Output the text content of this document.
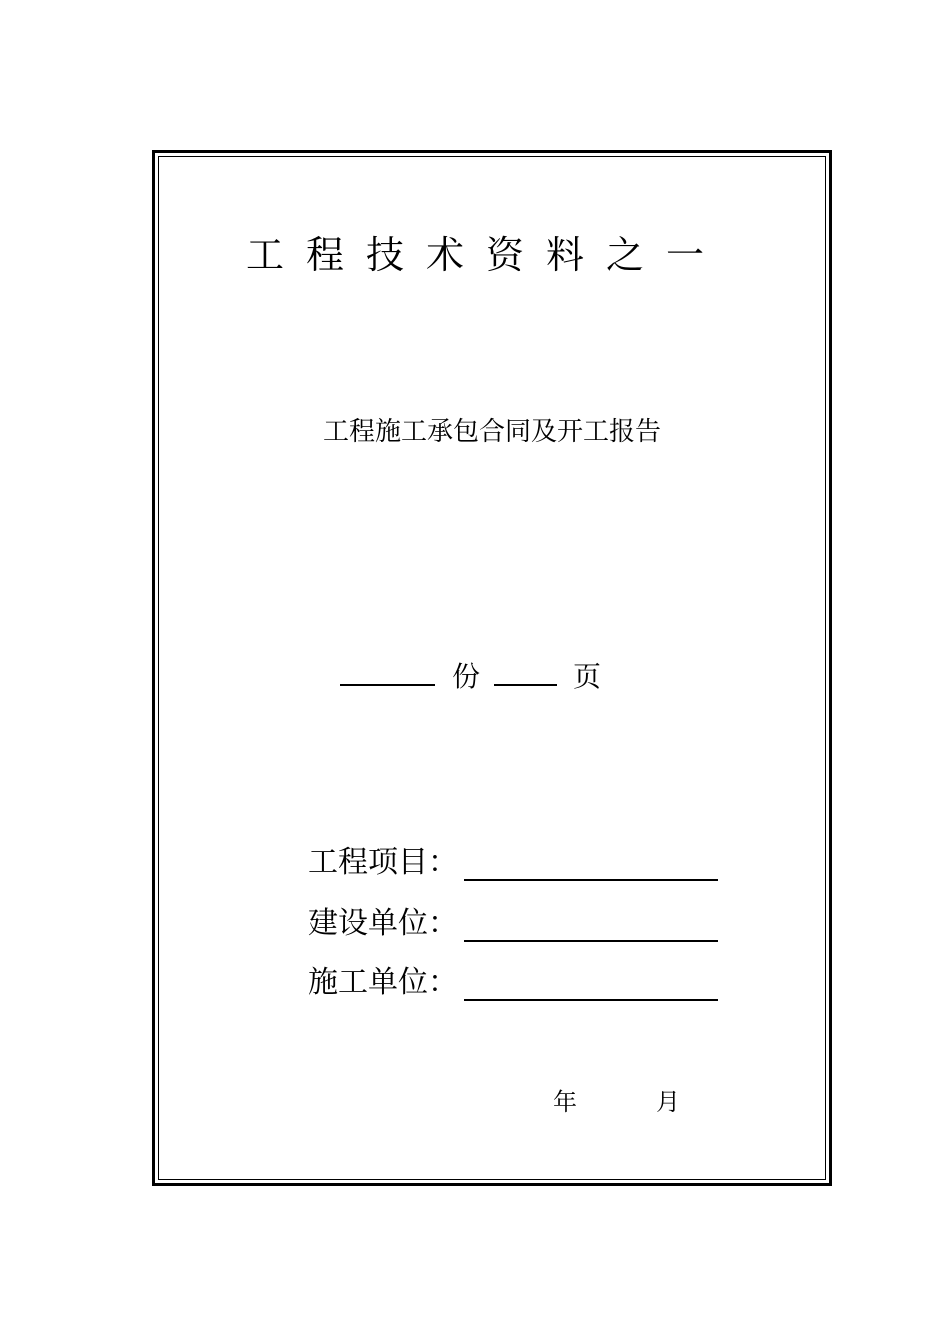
工程技术资料之一
工程施工承包合同及开工报告
份	页
工程项目：
建设单位：
施工单位：
年	月
